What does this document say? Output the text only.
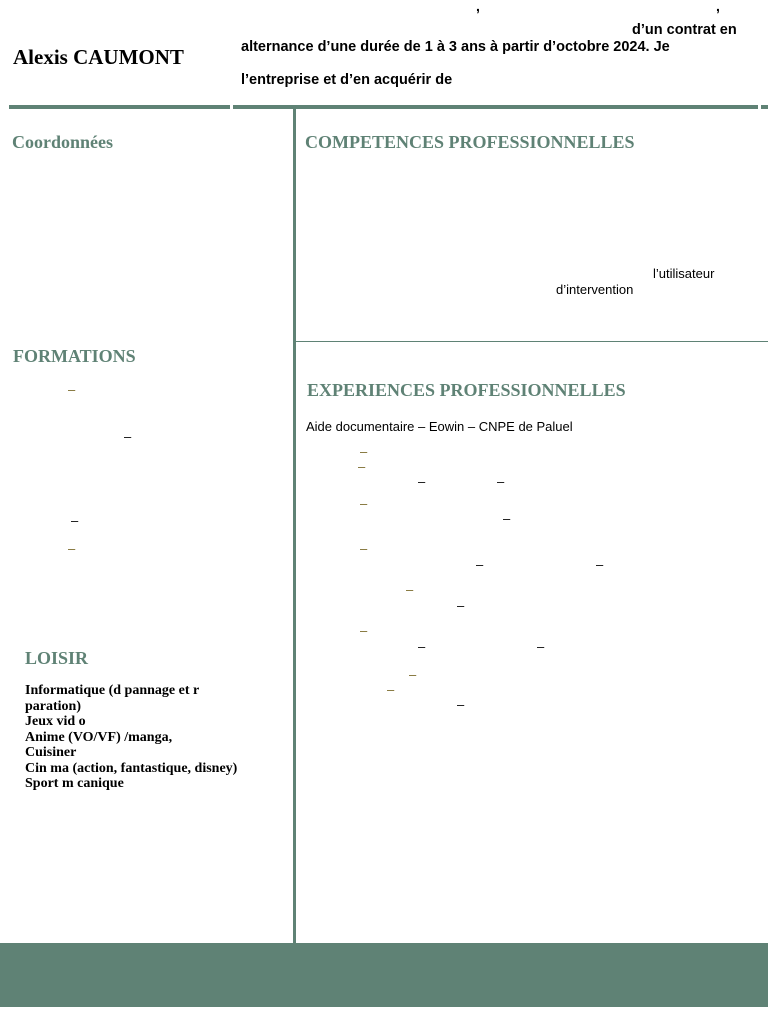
Alexis CAUMONT
,	,
d’un contrat en
alternance d’une durée de 1 à 3 ans à partir d’octobre 2024. Je
l’entreprise et d’en acquérir de
Coordonnées
FORMATIONS
–
–
–
–
LOISIR
Informatique (d pannage et r paration)
Jeux vid o
Anime (VO/VF) /manga,
Cuisiner
Cin ma (action, fantastique, disney)
Sport m canique
COMPETENCES PROFESSIONNELLES
l’utilisateur
d’intervention
EXPERIENCES PROFESSIONNELLES
Aide documentaire – Eowin – CNPE de Paluel
–
–
–	–
–
–
–
–	–
–
–
–
–	–
–
–
–
